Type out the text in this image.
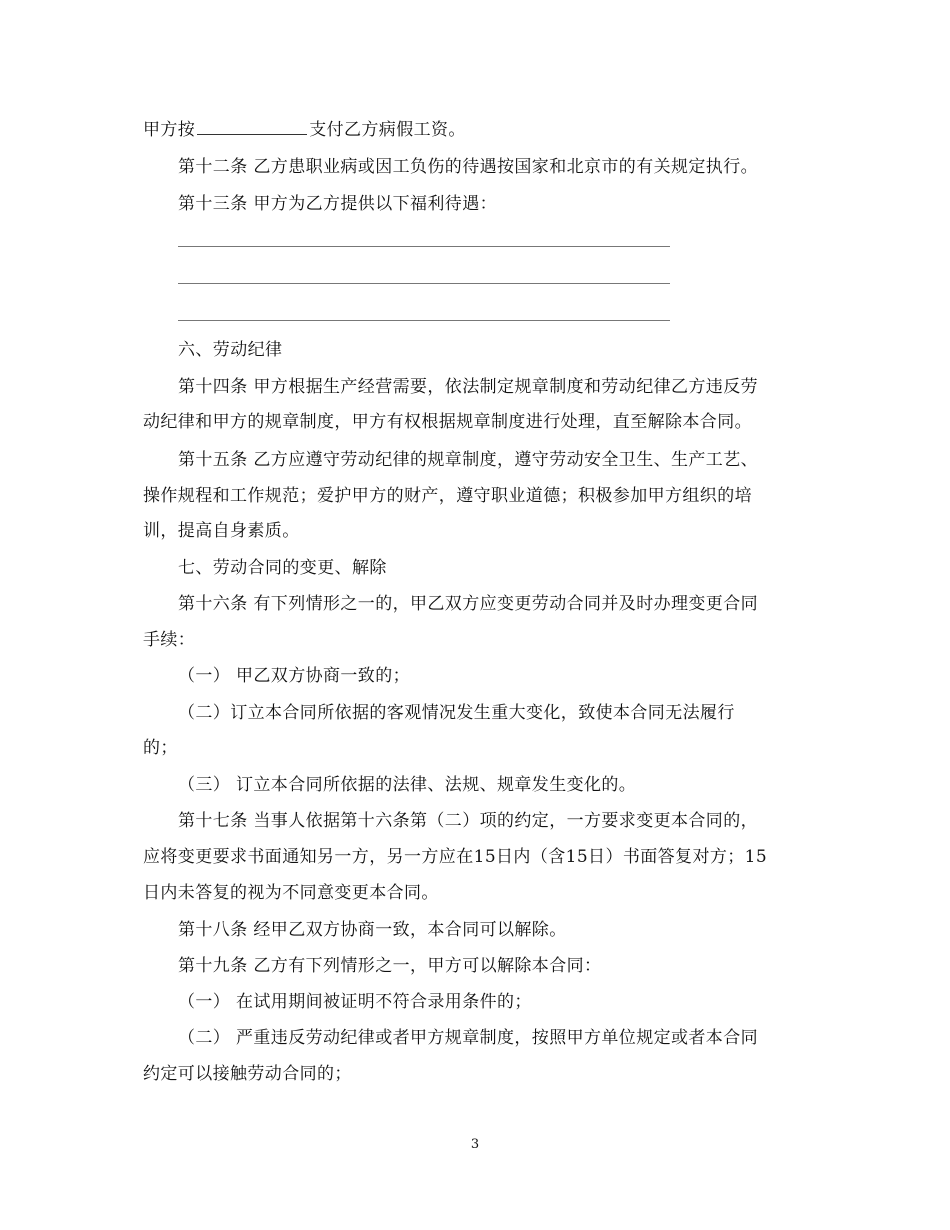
甲方按	支付乙方病假工资。
第十二条 乙方患职业病或因工负伤的待遇按国家和北京市的有关规定执行。
第十三条 甲方为乙方提供以下福利待遇：
六、劳动纪律
第十四条 甲方根据生产经营需要，依法制定规章制度和劳动纪律乙方违反劳
动纪律和甲方的规章制度，甲方有权根据规章制度进行处理，直至解除本合同。
第十五条 乙方应遵守劳动纪律的规章制度，遵守劳动安全卫生、生产工艺、
操作规程和工作规范；爱护甲方的财产，遵守职业道德；积极参加甲方组织的培
训，提高自身素质。
七、劳动合同的变更、解除
第十六条 有下列情形之一的，甲乙双方应变更劳动合同并及时办理变更合同
手续：
（一） 甲乙双方协商一致的；
（二）订立本合同所依据的客观情况发生重大变化，致使本合同无法履行
的；
（三） 订立本合同所依据的法律、法规、规章发生变化的。
第十七条 当事人依据第十六条第（二）项的约定，一方要求变更本合同的，
应将变更要求书面通知另一方，另一方应在15日内（含15日）书面答复对方；15
日内未答复的视为不同意变更本合同。
第十八条 经甲乙双方协商一致，本合同可以解除。
第十九条 乙方有下列情形之一，甲方可以解除本合同：
（一） 在试用期间被证明不符合录用条件的；
（二） 严重违反劳动纪律或者甲方规章制度，按照甲方单位规定或者本合同
约定可以接触劳动合同的；
3
